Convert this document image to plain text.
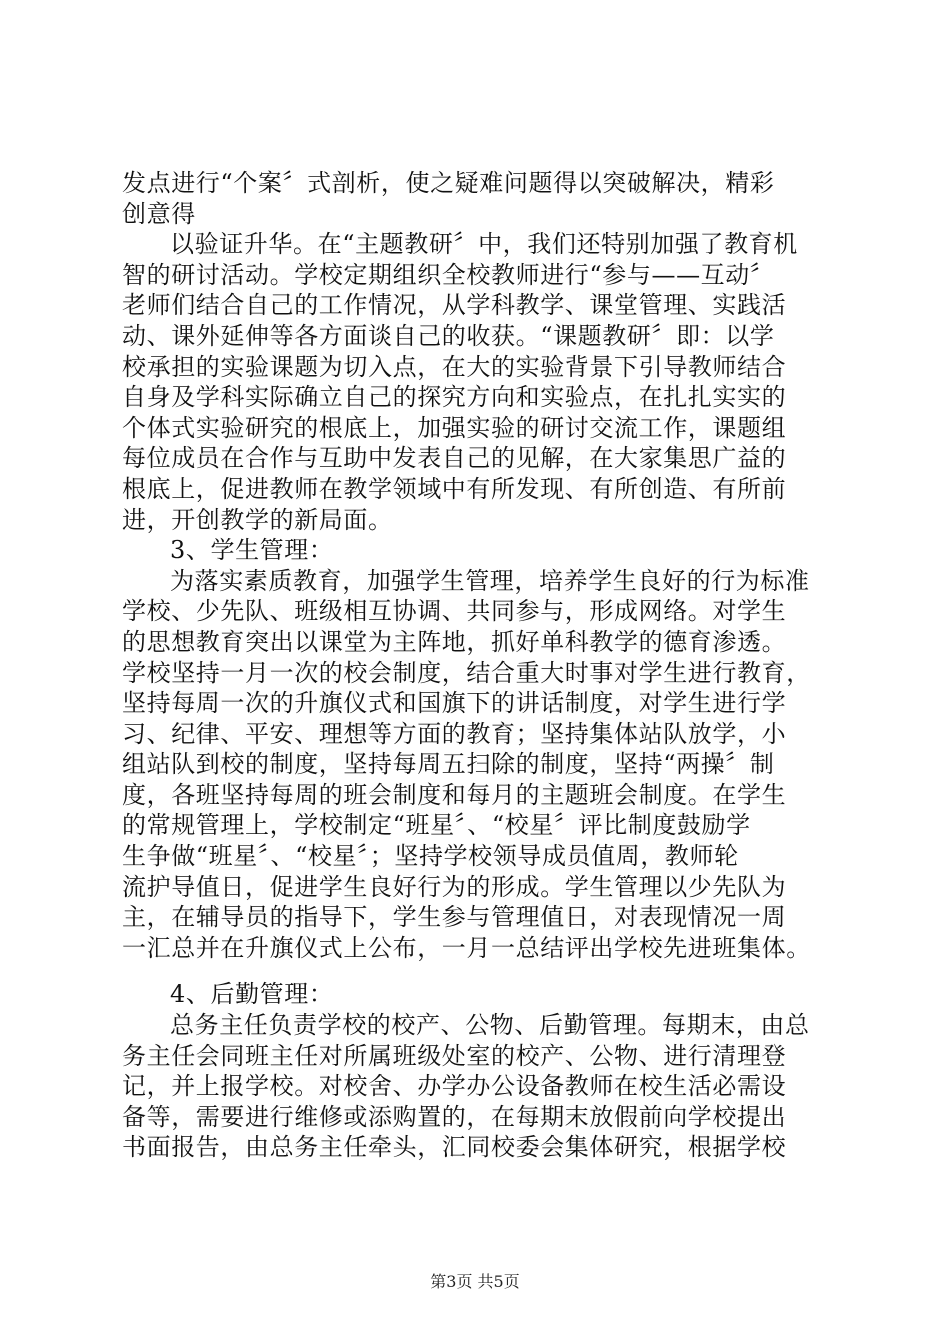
发点进行“个案〞式剖析，使之疑难问题得以突破解决，精彩
创意得
以验证升华。在“主题教研〞中，我们还特别加强了教育机
智的研讨活动。学校定期组织全校教师进行“参与——互动〞
老师们结合自己的工作情况，从学科教学、课堂管理、实践活
动、课外延伸等各方面谈自己的收获。“课题教研〞即：以学
校承担的实验课题为切入点，在大的实验背景下引导教师结合
自身及学科实际确立自己的探究方向和实验点，在扎扎实实的
个体式实验研究的根底上，加强实验的研讨交流工作，课题组
每位成员在合作与互助中发表自己的见解，在大家集思广益的
根底上，促进教师在教学领域中有所发现、有所创造、有所前
进，开创教学的新局面。
3、学生管理：
为落实素质教育，加强学生管理，培养学生良好的行为标准
学校、少先队、班级相互协调、共同参与，形成网络。对学生
的思想教育突出以课堂为主阵地，抓好单科教学的德育渗透。
学校坚持一月一次的校会制度，结合重大时事对学生进行教育，
坚持每周一次的升旗仪式和国旗下的讲话制度，对学生进行学
习、纪律、平安、理想等方面的教育；坚持集体站队放学，小
组站队到校的制度，坚持每周五扫除的制度，坚持“两操〞制
度，各班坚持每周的班会制度和每月的主题班会制度。在学生
的常规管理上，学校制定“班星〞、“校星〞评比制度鼓励学
生争做“班星〞、“校星〞；坚持学校领导成员值周，教师轮
流护导值日，促进学生良好行为的形成。学生管理以少先队为
主，在辅导员的指导下，学生参与管理值日，对表现情况一周
一汇总并在升旗仪式上公布，一月一总结评出学校先进班集体。
4、后勤管理：
总务主任负责学校的校产、公物、后勤管理。每期末，由总
务主任会同班主任对所属班级处室的校产、公物、进行清理登
记，并上报学校。对校舍、办学办公设备教师在校生活必需设
备等，需要进行维修或添购置的，在每期末放假前向学校提出
书面报告，由总务主任牵头，汇同校委会集体研究，根据学校
第3页 共5页
